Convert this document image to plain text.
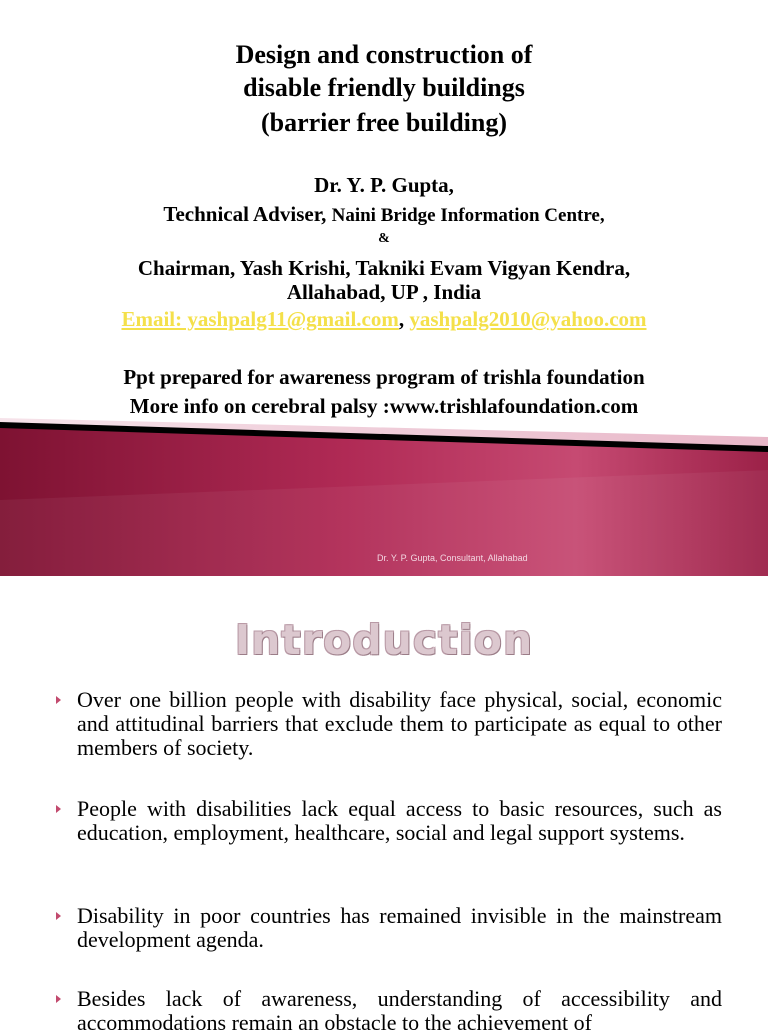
Design and construction of
disable friendly buildings
(barrier free building)
Dr. Y. P. Gupta,
Technical Adviser, Naini Bridge Information Centre,
&
Chairman, Yash Krishi, Takniki Evam Vigyan Kendra,
Allahabad, UP , India
Email: yashpalg11@gmail.com, yashpalg2010@yahoo.com
Ppt prepared for awareness program of trishla foundation
More info on cerebral palsy :www.trishlafoundation.com
Dr. Y. P. Gupta, Consultant, Allahabad
Introduction
Over one billion people with disability face physical, social, economic and attitudinal barriers that exclude them to participate as equal to other members of society.
People with disabilities lack equal access to basic resources, such as education, employment, healthcare, social and legal support systems.
Disability in poor countries has remained invisible in the mainstream development agenda.
Besides lack of awareness, understanding of accessibility and accommodations remain an obstacle to the achievement of
